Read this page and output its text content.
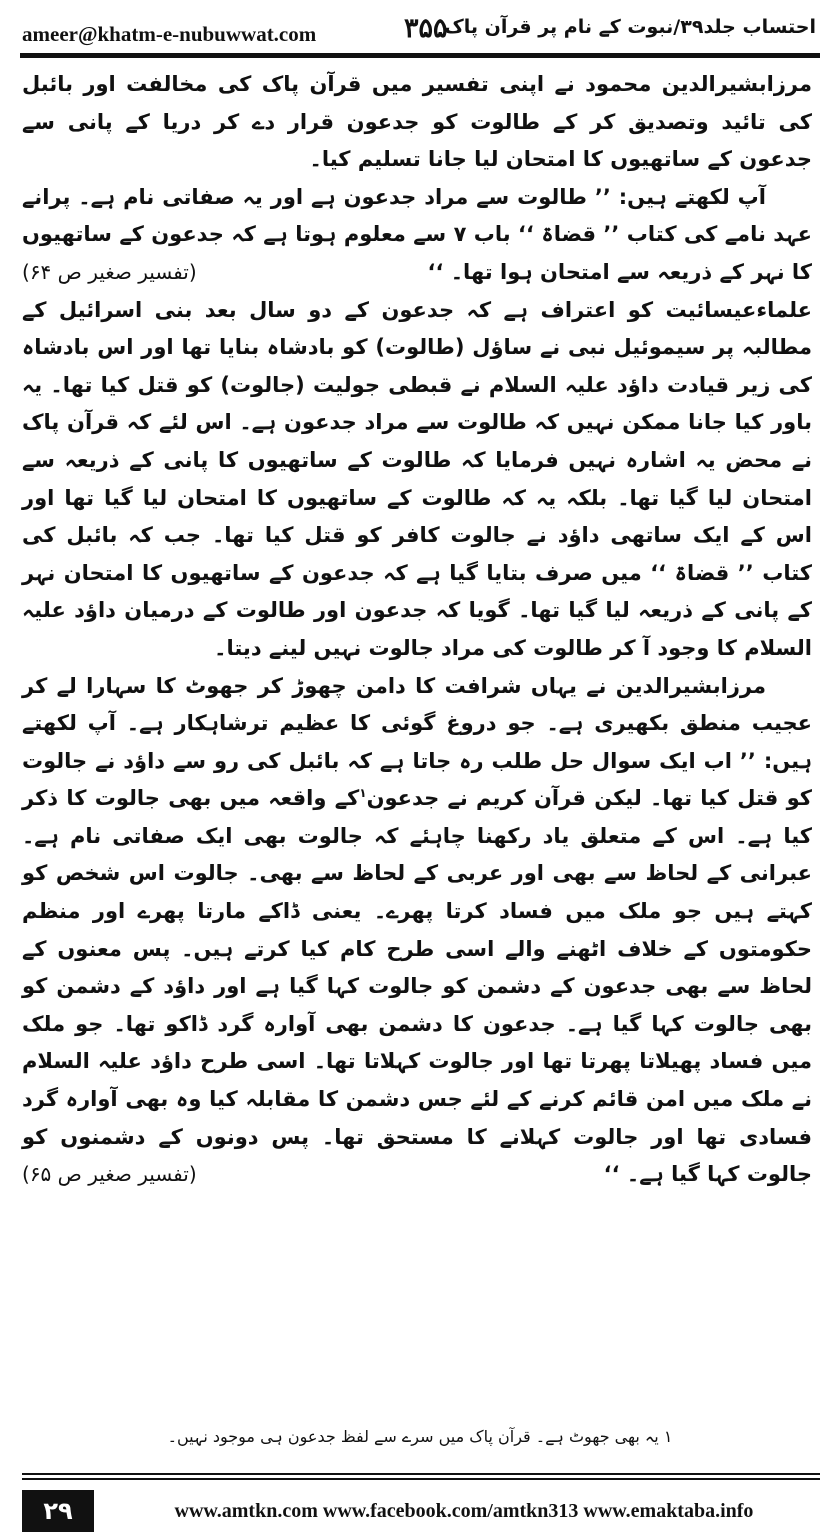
ameer@khatm-e-nubuwwat.com	۳۵۵
احتساب جلد۳۹/نبوت کے نام پر قرآن پاک

مرزابشیرالدین محمود نے اپنی تفسیر میں قرآن پاک کی مخالفت اور بائبل کی تائید وتصدیق کر کے طالوت کو جدعون قرار دے کر دریا کے پانی سے جدعون کے ساتھیوں کا امتحان لیا جانا تسلیم کیا۔

آپ لکھتے ہیں: ’’ طالوت سے مراد جدعون ہے اور یہ صفاتی نام ہے۔ پرانے عہد نامے کی کتاب ’’ قضاۃ ‘‘ باب ۷ سے معلوم ہوتا ہے کہ جدعون کے ساتھیوں کا نہر کے ذریعہ سے امتحان ہوا تھا۔ ‘‘
(تفسیر صغیر ص ۶۴)

علماءعیسائیت کو اعتراف ہے کہ جدعون کے دو سال بعد بنی اسرائیل کے مطالبہ پر سیموئیل نبی نے ساؤل (طالوت) کو بادشاہ بنایا تھا اور اس بادشاہ کی زیر قیادت داؤد علیہ السلام نے قبطی جولیت (جالوت) کو قتل کیا تھا۔ یہ باور کیا جانا ممکن نہیں کہ طالوت سے مراد جدعون ہے۔ اس لئے کہ قرآن پاک نے محض یہ اشارہ نہیں فرمایا کہ طالوت کے ساتھیوں کا پانی کے ذریعہ سے امتحان لیا گیا تھا۔ بلکہ یہ کہ طالوت کے ساتھیوں کا امتحان لیا گیا تھا اور اس کے ایک ساتھی داؤد نے جالوت کافر کو قتل کیا تھا۔ جب کہ بائبل کی کتاب ’’ قضاۃ ‘‘ میں صرف بتایا گیا ہے کہ جدعون کے ساتھیوں کا امتحان نہر کے پانی کے ذریعہ لیا گیا تھا۔ گویا کہ جدعون اور طالوت کے درمیان داؤد علیہ السلام کا وجود آ کر طالوت کی مراد جالوت نہیں لینے دیتا۔

مرزابشیرالدین نے یہاں شرافت کا دامن چھوڑ کر جھوٹ کا سہارا لے کر عجیب منطق بکھیری ہے۔ جو دروغ گوئی کا عظیم ترشاہکار ہے۔ آپ لکھتے ہیں: ’’ اب ایک سوال حل طلب رہ جاتا ہے کہ بائبل کی رو سے داؤد نے جالوت کو قتل کیا تھا۔ لیکن قرآن کریم نے جدعون$^۱$کے واقعہ میں بھی جالوت کا ذکر کیا ہے۔ اس کے متعلق یاد رکھنا چاہئے کہ جالوت بھی ایک صفاتی نام ہے۔ عبرانی کے لحاظ سے بھی اور عربی کے لحاظ سے بھی۔ جالوت اس شخص کو کہتے ہیں جو ملک میں فساد کرتا پھرے۔ یعنی ڈاکے مارتا پھرے اور منظم حکومتوں کے خلاف اٹھنے والے اسی طرح کام کیا کرتے ہیں۔ پس معنوں کے لحاظ سے بھی جدعون کے دشمن کو جالوت کہا گیا ہے اور داؤد کے دشمن کو بھی جالوت کہا گیا ہے۔ جدعون کا دشمن بھی آوارہ گرد ڈاکو تھا۔ جو ملک میں فساد پھیلاتا پھرتا تھا اور جالوت کہلاتا تھا۔ اسی طرح داؤد علیہ السلام نے ملک میں امن قائم کرنے کے لئے جس دشمن کا مقابلہ کیا وہ بھی آوارہ گرد فسادی تھا اور جالوت کہلانے کا مستحق تھا۔ پس دونوں کے دشمنوں کو جالوت کہا گیا ہے۔ ‘‘
(تفسیر صغیر ص ۶۵)

۱ یہ بھی جھوٹ ہے۔ قرآن پاک میں سرے سے لفظ جدعون ہی موجود نہیں۔
۲۹	www.amtkn.com www.facebook.com/amtkn313 www.emaktaba.info
